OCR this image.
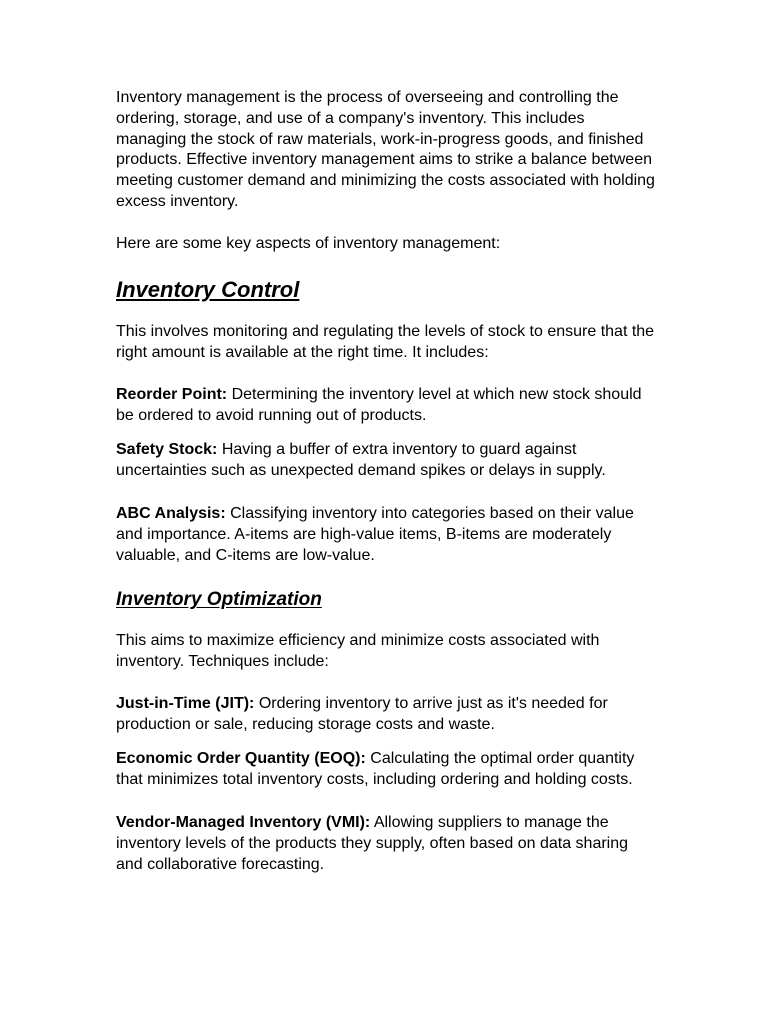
Inventory management is the process of overseeing and controlling the ordering, storage, and use of a company's inventory. This includes managing the stock of raw materials, work-in-progress goods, and finished products. Effective inventory management aims to strike a balance between meeting customer demand and minimizing the costs associated with holding excess inventory.

Here are some key aspects of inventory management:

Inventory Control

This involves monitoring and regulating the levels of stock to ensure that the right amount is available at the right time. It includes:

Reorder Point: Determining the inventory level at which new stock should be ordered to avoid running out of products.

Safety Stock: Having a buffer of extra inventory to guard against uncertainties such as unexpected demand spikes or delays in supply.

ABC Analysis: Classifying inventory into categories based on their value and importance. A-items are high-value items, B-items are moderately valuable, and C-items are low-value.

Inventory Optimization

This aims to maximize efficiency and minimize costs associated with inventory. Techniques include:

Just-in-Time (JIT): Ordering inventory to arrive just as it's needed for production or sale, reducing storage costs and waste.

Economic Order Quantity (EOQ): Calculating the optimal order quantity that minimizes total inventory costs, including ordering and holding costs.

Vendor-Managed Inventory (VMI): Allowing suppliers to manage the inventory levels of the products they supply, often based on data sharing and collaborative forecasting.
